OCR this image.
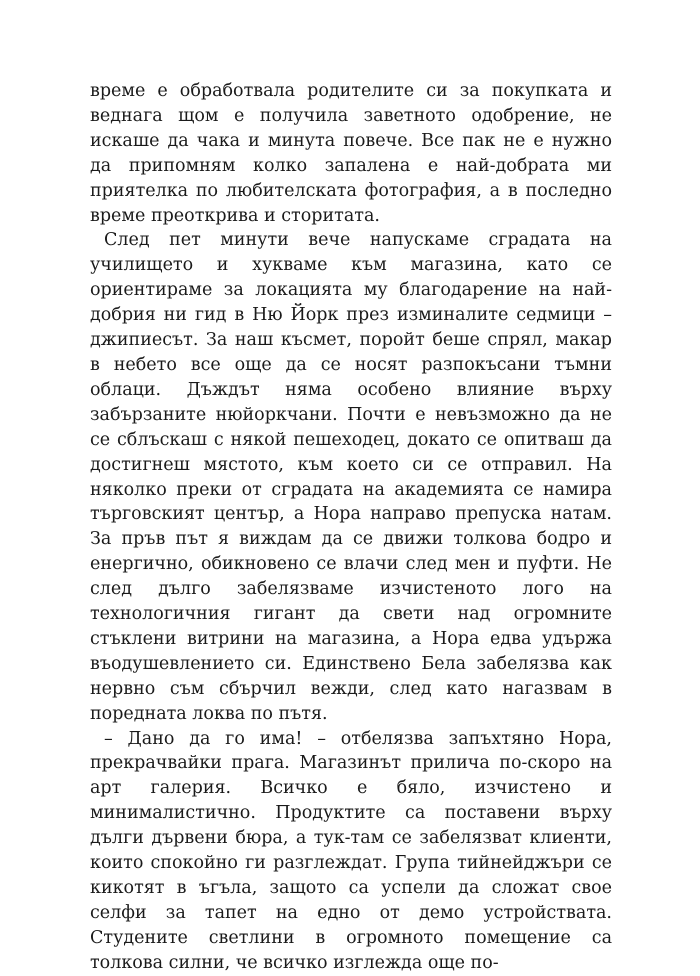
време е обработвала родителите си за покупката и веднага щом е получила заветното одобрение, не искаше да чака и минута повече. Все пак не е нужно да припомням колко запалена е най-добрата ми приятелка по любителската фотография, а в последно време преоткрива и сторитата.

След пет минути вече напускаме сградата на училището и хукваме към магазина, като се ориентираме за локацията му благодарение на най-добрия ни гид в Ню Йорк през изминалите седмици – джипиесът. За наш късмет, поройт беше спрял, макар в небето все още да се носят разпокъсани тъмни облаци. Дъждът няма особено влияние върху забързаните нюйоркчани. Почти е невъзможно да не се сблъскаш с някой пешеходец, докато се опитваш да достигнеш мястото, към което си се отправил. На няколко преки от сградата на академията се намира търговският център, а Нора направо препуска натам. За пръв път я виждам да се движи толкова бодро и енергично, обикновено се влачи след мен и пуфти. Не след дълго забелязваме изчистеното лого на технологичния гигант да свети над огромните стъклени витрини на магазина, а Нора едва удържа въодушевлението си. Единствено Бела забелязва как нервно съм сбърчил вежди, след като нагазвам в поредната локва по пътя.

– Дано да го има! – отбелязва запъхтяно Нора, прекрачвайки прага. Магазинът прилича по-скоро на арт галерия. Всичко е бяло, изчистено и минималистично. Продуктите са поставени върху дълги дървени бюра, а тук-там се забелязват клиенти, които спокойно ги разглеждат. Група тийнейджъри се кикотят в ъгъла, защото са успели да сложат свое селфи за тапет на едно от демо устройствата. Студените светлини в огромното помещение са толкова силни, че всичко изглежда още по-
